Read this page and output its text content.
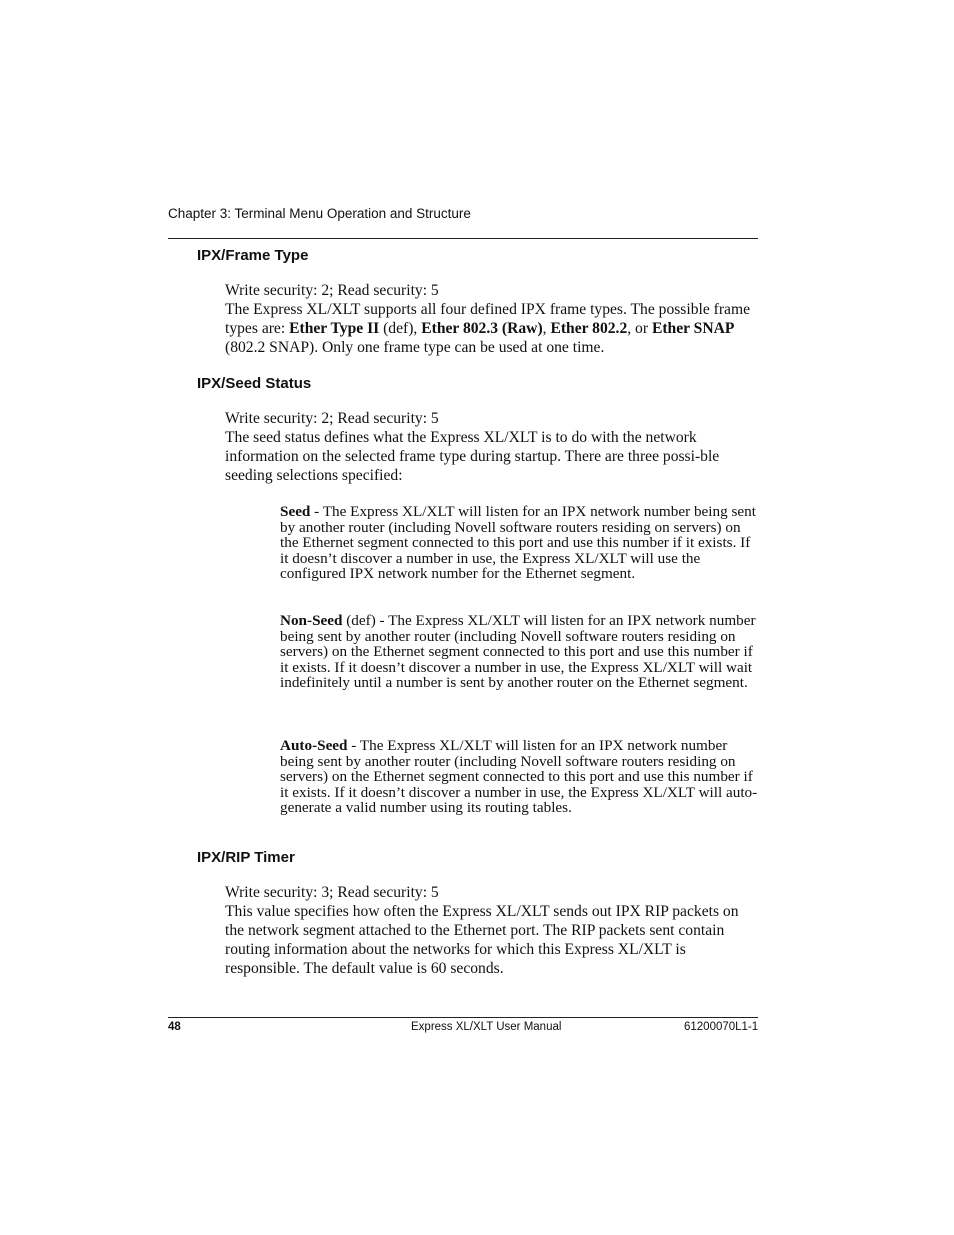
Chapter 3: Terminal Menu Operation and Structure
IPX/Frame Type

Write security: 2; Read security: 5

The Express XL/XLT supports all four defined IPX frame types. The possible frame types are: Ether Type II (def), Ether 802.3 (Raw), Ether 802.2, or Ether SNAP (802.2 SNAP). Only one frame type can be used at one time.

IPX/Seed Status

Write security: 2; Read security: 5

The seed status defines what the Express XL/XLT is to do with the network information on the selected frame type during startup. There are three possi-ble seeding selections specified:

Seed - The Express XL/XLT will listen for an IPX network number being sent by another router (including Novell software routers residing on servers) on the Ethernet segment connected to this port and use this number if it exists. If it doesn’t discover a number in use, the Express XL/XLT will use the configured IPX network number for the Ethernet segment.

Non-Seed (def) - The Express XL/XLT will listen for an IPX network number being sent by another router (including Novell software routers residing on servers) on the Ethernet segment connected to this port and use this number if it exists. If it doesn’t discover a number in use, the Express XL/XLT will wait indefinitely until a number is sent by another router on the Ethernet segment.

Auto-Seed - The Express XL/XLT will listen for an IPX network number being sent by another router (including Novell software routers residing on servers) on the Ethernet segment connected to this port and use this number if it exists. If it doesn’t discover a number in use, the Express XL/XLT will auto-generate a valid number using its routing tables.

IPX/RIP Timer

Write security: 3; Read security: 5

This value specifies how often the Express XL/XLT sends out IPX RIP packets on the network segment attached to the Ethernet port. The RIP packets sent contain routing information about the networks for which this Express XL/XLT is responsible. The default value is 60 seconds.

48	Express XL/XLT User Manual	61200070L1-1
